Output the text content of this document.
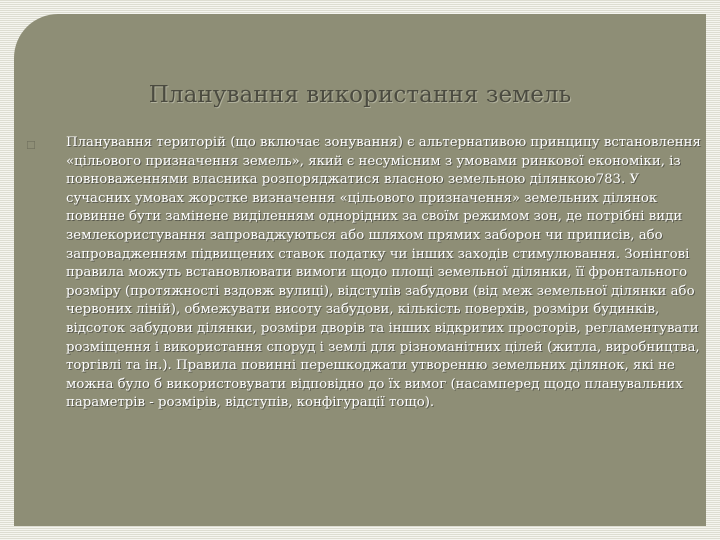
Планування використання земель
☐ Планування територій (що включає зонування) є альтернативою принципу встановлення «цільового призначення земель», який є несумісним з умовами ринкової економіки, із повноваженнями власника розпоряджатися власною земельною ділянкою783. У сучасних умовах жорстке визначення «цільового призначення» земельних ділянок повинне бути замінене виділенням однорідних за своїм режимом зон, де потрібні види землекористування запроваджуються або шляхом прямих заборон чи приписів, або запровадженням підвищених ставок податку чи інших заходів стимулювання. Зонінгові правила можуть встановлювати вимоги щодо площі земельної ділянки, її фронтального розміру (протяжності вздовж вулиці), відступів забудови (від меж земельної ділянки або червоних ліній), обмежувати висоту забудови, кількість поверхів, розміри будинків, відсоток забудови ділянки, розміри дворів та інших відкритих просторів, регламентувати розміщення і використання споруд і землі для різноманітних цілей (житла, виробництва, торгівлі та ін.). Правила повинні перешкоджати утворенню земельних ділянок, які не можна було б використовувати відповідно до їх вимог (насамперед щодо планувальних параметрів - розмірів, відступів, конфігурації тощо).
